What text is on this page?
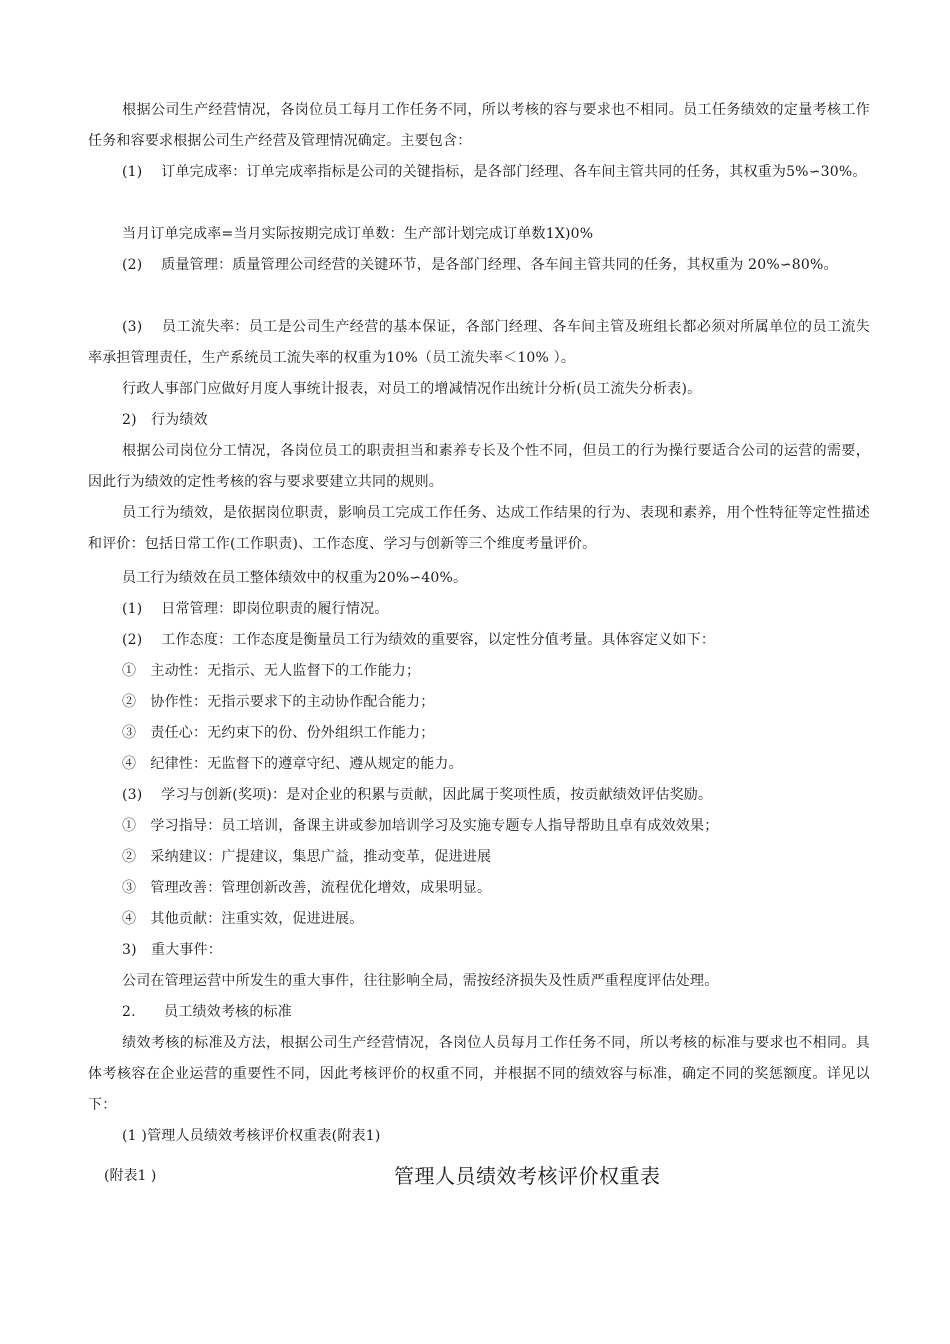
根据公司生产经营情况，各岗位员工每月工作任务不同，所以考核的容与要求也不相同。员工任务绩效的定量考核工作任务和容要求根据公司生产经营及管理情况确定。主要包含：

(1)　 订单完成率：订单完成率指标是公司的关键指标，是各部门经理、各车间主管共同的任务，其权重为5%∽30%。

当月订单完成率=当月实际按期完成订单数：生产部计划完成订单数1X)0%

(2)　 质量管理：质量管理公司经营的关键环节，是各部门经理、各车间主管共同的任务，其权重为 20%∽80%。

(3)　 员工流失率：员工是公司生产经营的基本保证，各部门经理、各车间主管及班组长都必须对所属单位的员工流失率承担管理责任，生产系统员工流失率的权重为10%（员工流失率＜10% ）。

行政人事部门应做好月度人事统计报表，对员工的增减情况作出统计分析(员工流失分析表)。

2)　行为绩效

根据公司岗位分工情况，各岗位员工的职责担当和素养专长及个性不同，但员工的行为操行要适合公司的运营的需要，因此行为绩效的定性考核的容与要求要建立共同的规则。

员工行为绩效，是依据岗位职责，影响员工完成工作任务、达成工作结果的行为、表现和素养，用个性特征等定性描述和评价：包括日常工作(工作职责)、工作态度、学习与创新等三个维度考量评价。

员工行为绩效在员工整体绩效中的权重为20%∽40%。

(1)　 日常管理：即岗位职责的履行情况。

(2)　 工作态度：工作态度是衡量员工行为绩效的重要容，以定性分值考量。具体容定义如下：

①　主动性：无指示、无人监督下的工作能力；

②　协作性：无指示要求下的主动协作配合能力；

③　责任心：无约束下的份、份外组织工作能力；

④　纪律性：无监督下的遵章守纪、遵从规定的能力。

(3)　 学习与创新(奖项)：是对企业的积累与贡献，因此属于奖项性质，按贡献绩效评估奖励。

①　学习指导：员工培训，备课主讲或参加培训学习及实施专题专人指导帮助且卓有成效效果；

②　采纳建议：广提建议，集思广益，推动变革，促进进展

③　管理改善：管理创新改善，流程优化增效，成果明显。

④　其他贡献：注重实效，促进进展。

3)　重大事件：

公司在管理运营中所发生的重大事件，往往影响全局，需按经济损失及性质严重程度评估处理。

2.　　员工绩效考核的标准

绩效考核的标准及方法，根据公司生产经营情况，各岗位人员每月工作任务不同，所以考核的标准与要求也不相同。具体考核容在企业运营的重要性不同，因此考核评价的权重不同，并根据不同的绩效容与标准，确定不同的奖惩额度。详见以下：

(1 )管理人员绩效考核评价权重表(附表1)

(附表1 )	管理人员绩效考核评价权重表
